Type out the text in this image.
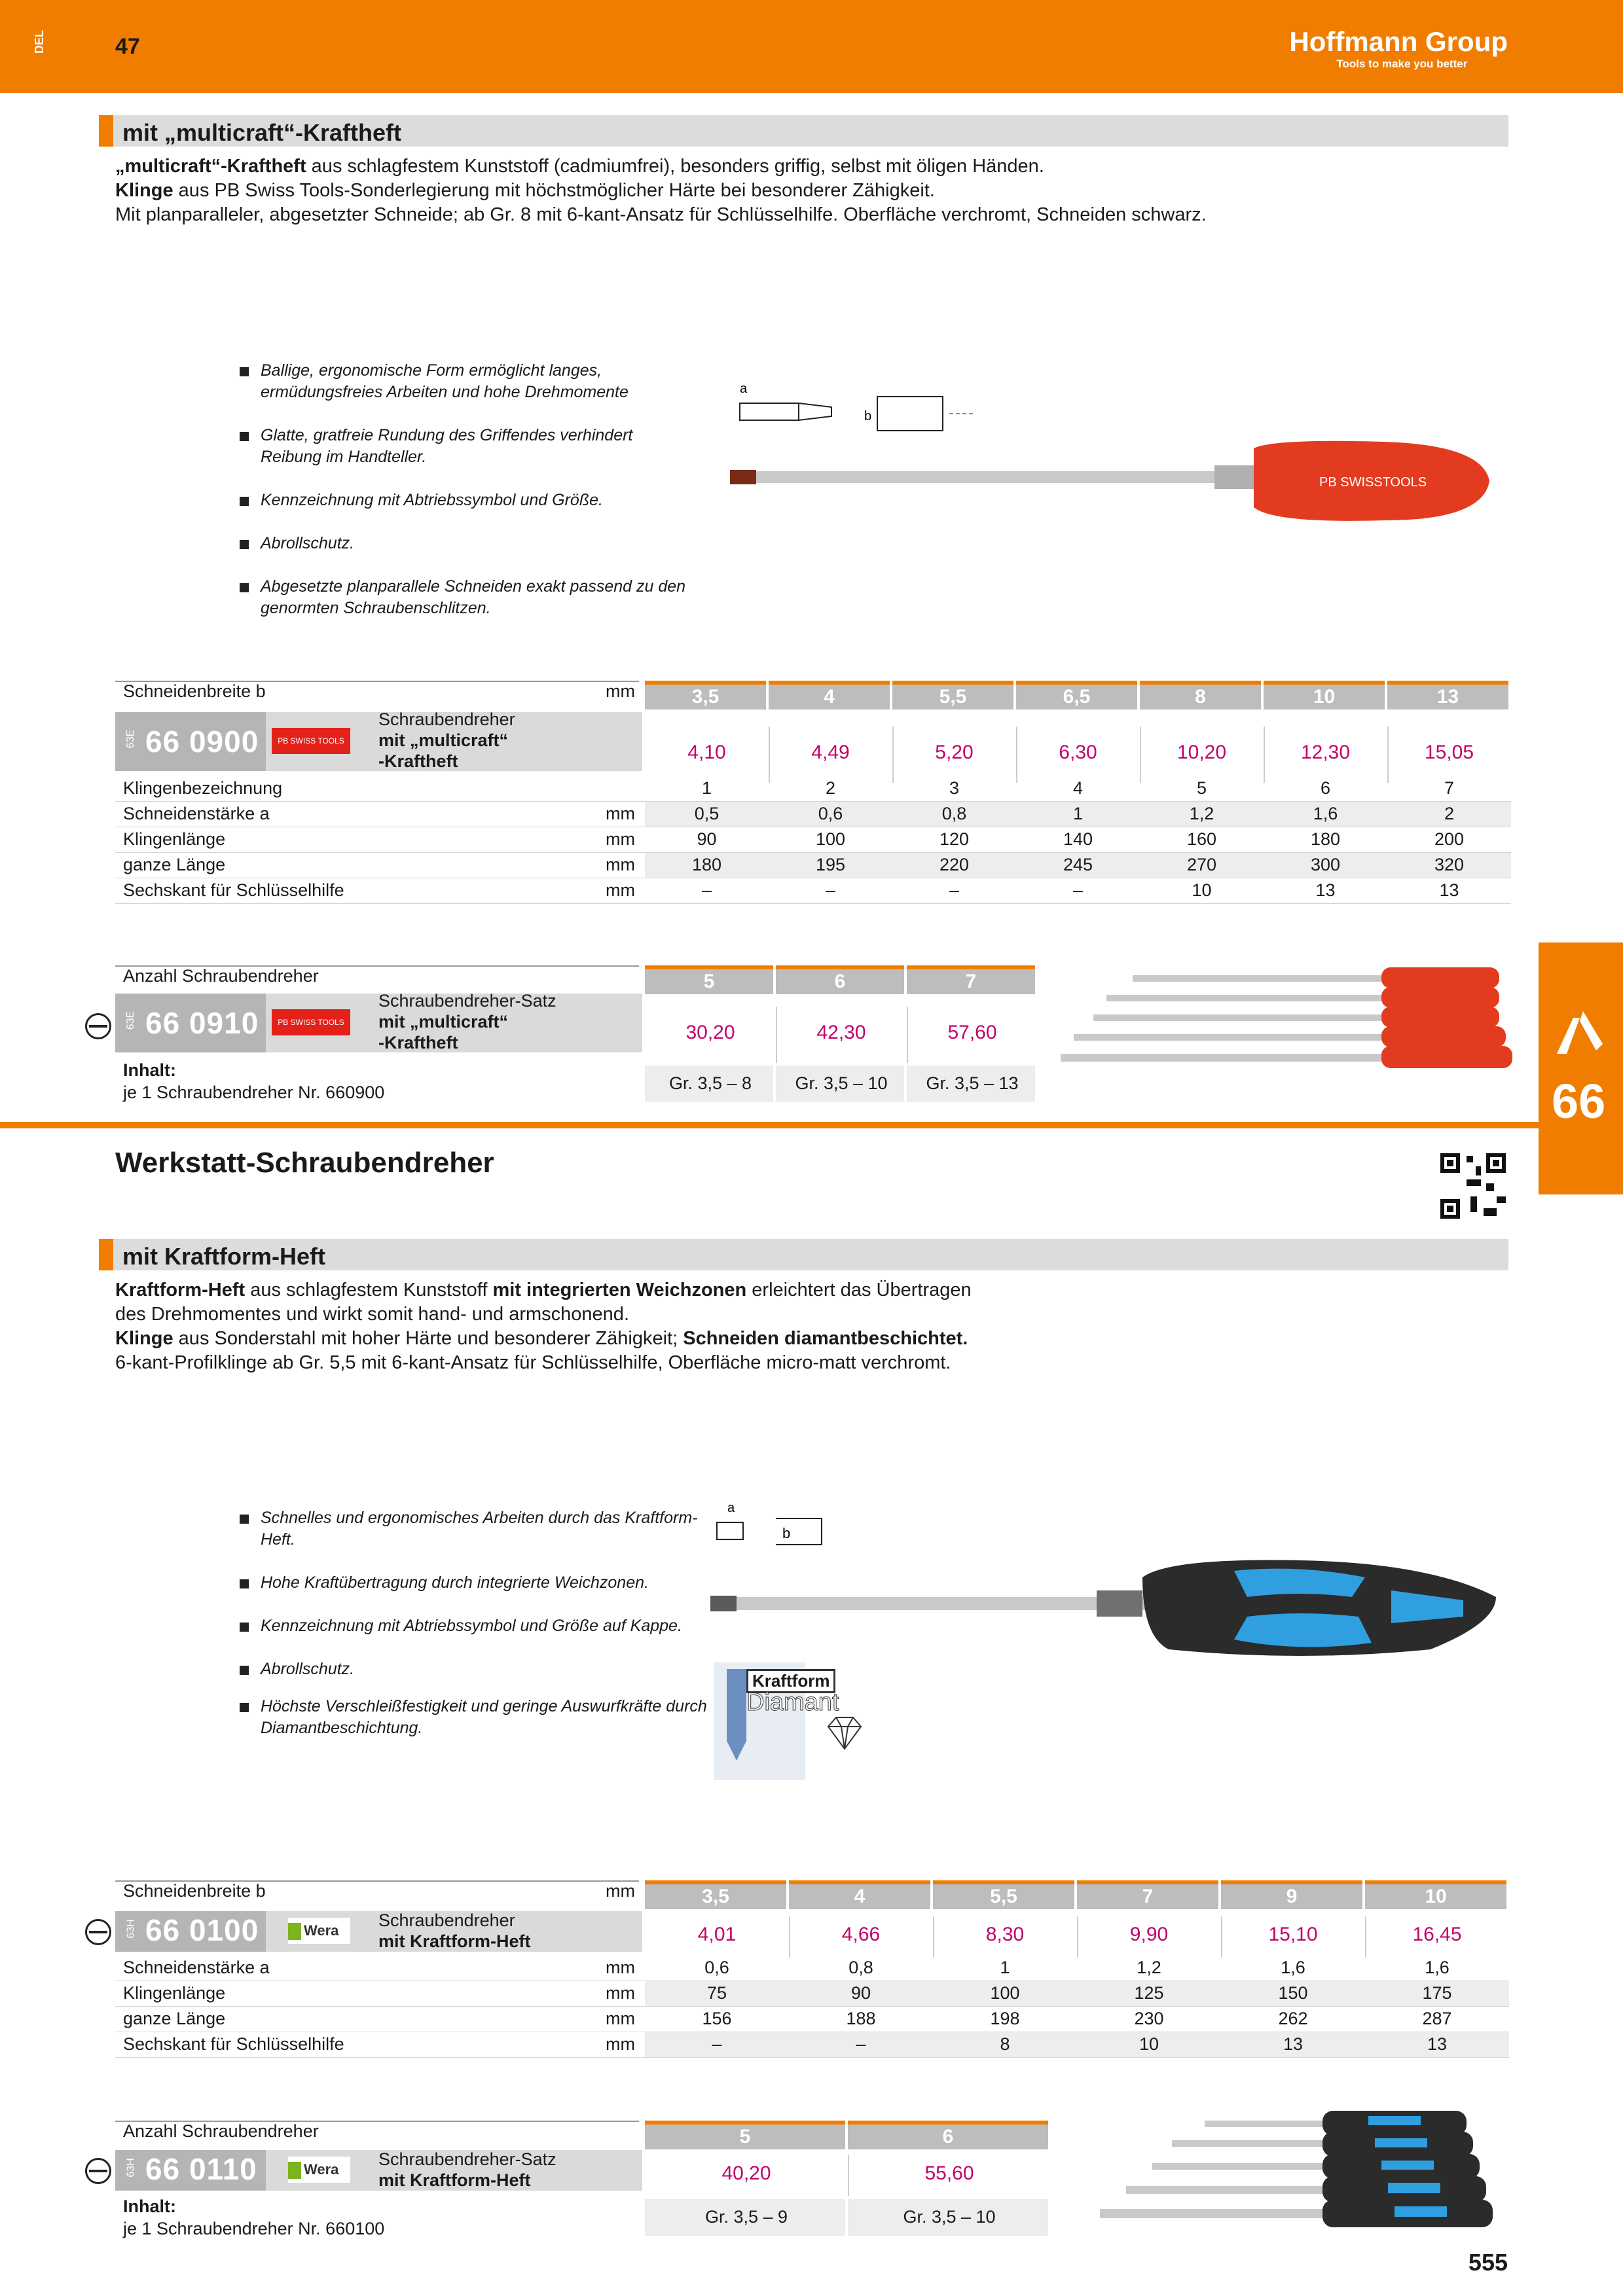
DEL	47	Hoffmann Group
Tools to make you better
mit „multicraft“-Kraftheft
„multicraft“-Kraftheft aus schlagfestem Kunststoff (cadmiumfrei), besonders griffig, selbst mit öligen Händen.
Klinge aus PB Swiss Tools-Sonderlegierung mit höchstmöglicher Härte bei besonderer Zähigkeit.
Mit planparalleler, abgesetzter Schneide; ab Gr. 8 mit 6-kant-Ansatz für Schlüsselhilfe. Oberfläche verchromt, Schneiden schwarz.
Ballige, ergonomische Form ermöglicht langes, ermüdungsfreies Arbeiten und hohe Drehmomente
Glatte, gratfreie Rundung des Griffendes verhindert Reibung im Handteller.
Kennzeichnung mit Abtriebssymbol und Größe.
Abrollschutz.
Abgesetzte planparallele Schneiden exakt passend zu den genormten Schraubenschlitzen.
a
b
PB SWISSTOOLS
Schneidenbreite b	mm	3,5	4	5,5	6,5	8	10	13
63E 66 0900	PB SWISS TOOLS
Schraubendreher
mit „multicraft“
-Kraftheft	4,10	4,49	5,20	6,30	10,20	12,30	15,05
Klingenbezeichnung	1	2	3	4	5	6	7
Schneidenstärke a	mm	0,5	0,6	0,8	1	1,2	1,6	2
Klingenlänge	mm	90	100	120	140	160	180	200
ganze Länge	mm	180	195	220	245	270	300	320
Sechskant für Schlüsselhilfe	mm	–	–	–	–	10	13	13
Anzahl Schraubendreher	5	6	7
63E 66 0910	PB SWISS TOOLS
Schraubendreher-Satz
mit „multicraft“
-Kraftheft
Inhalt:
je 1 Schraubendreher Nr. 660900
30,20	42,30	57,60
Gr. 3,5 – 8	Gr. 3,5 – 10	Gr. 3,5 – 13	66
Werkstatt-Schraubendreher
mit Kraftform-Heft
Kraftform-Heft aus schlagfestem Kunststoff mit integrierten Weichzonen erleichtert das Übertragen
des Drehmomentes und wirkt somit hand- und armschonend.
Klinge aus Sonderstahl mit hoher Härte und besonderer Zähigkeit; Schneiden diamantbeschichtet.
6-kant-Profilklinge ab Gr. 5,5 mit 6-kant-Ansatz für Schlüsselhilfe, Oberfläche micro-matt verchromt.
Schnelles und ergonomisches Arbeiten durch das Kraftform-Heft.
Hohe Kraftübertragung durch integrierte Weichzonen.
Kennzeichnung mit Abtriebssymbol und Größe auf Kappe.
Abrollschutz.
Höchste Verschleißfestigkeit und geringe Auswurfkräfte durch Diamantbeschichtung.
a
b
Kraftform
Diamant
Schneidenbreite b	mm	3,5	4	5,5	7	9	10
63H 66 0100	Wera
Schraubendreher
mit Kraftform-Heft	4,01	4,66	8,30	9,90	15,10	16,45
Schneidenstärke a	mm	0,6	0,8	1	1,2	1,6	1,6
Klingenlänge	mm	75	90	100	125	150	175
ganze Länge	mm	156	188	198	230	262	287
Sechskant für Schlüsselhilfe	mm	–	–	8	10	13	13
Anzahl Schraubendreher	5	6
63H 66 0110	Wera
Schraubendreher-Satz
mit Kraftform-Heft
Inhalt:
je 1 Schraubendreher Nr. 660100
40,20	55,60
Gr. 3,5 – 9	Gr. 3,5 – 10
555
